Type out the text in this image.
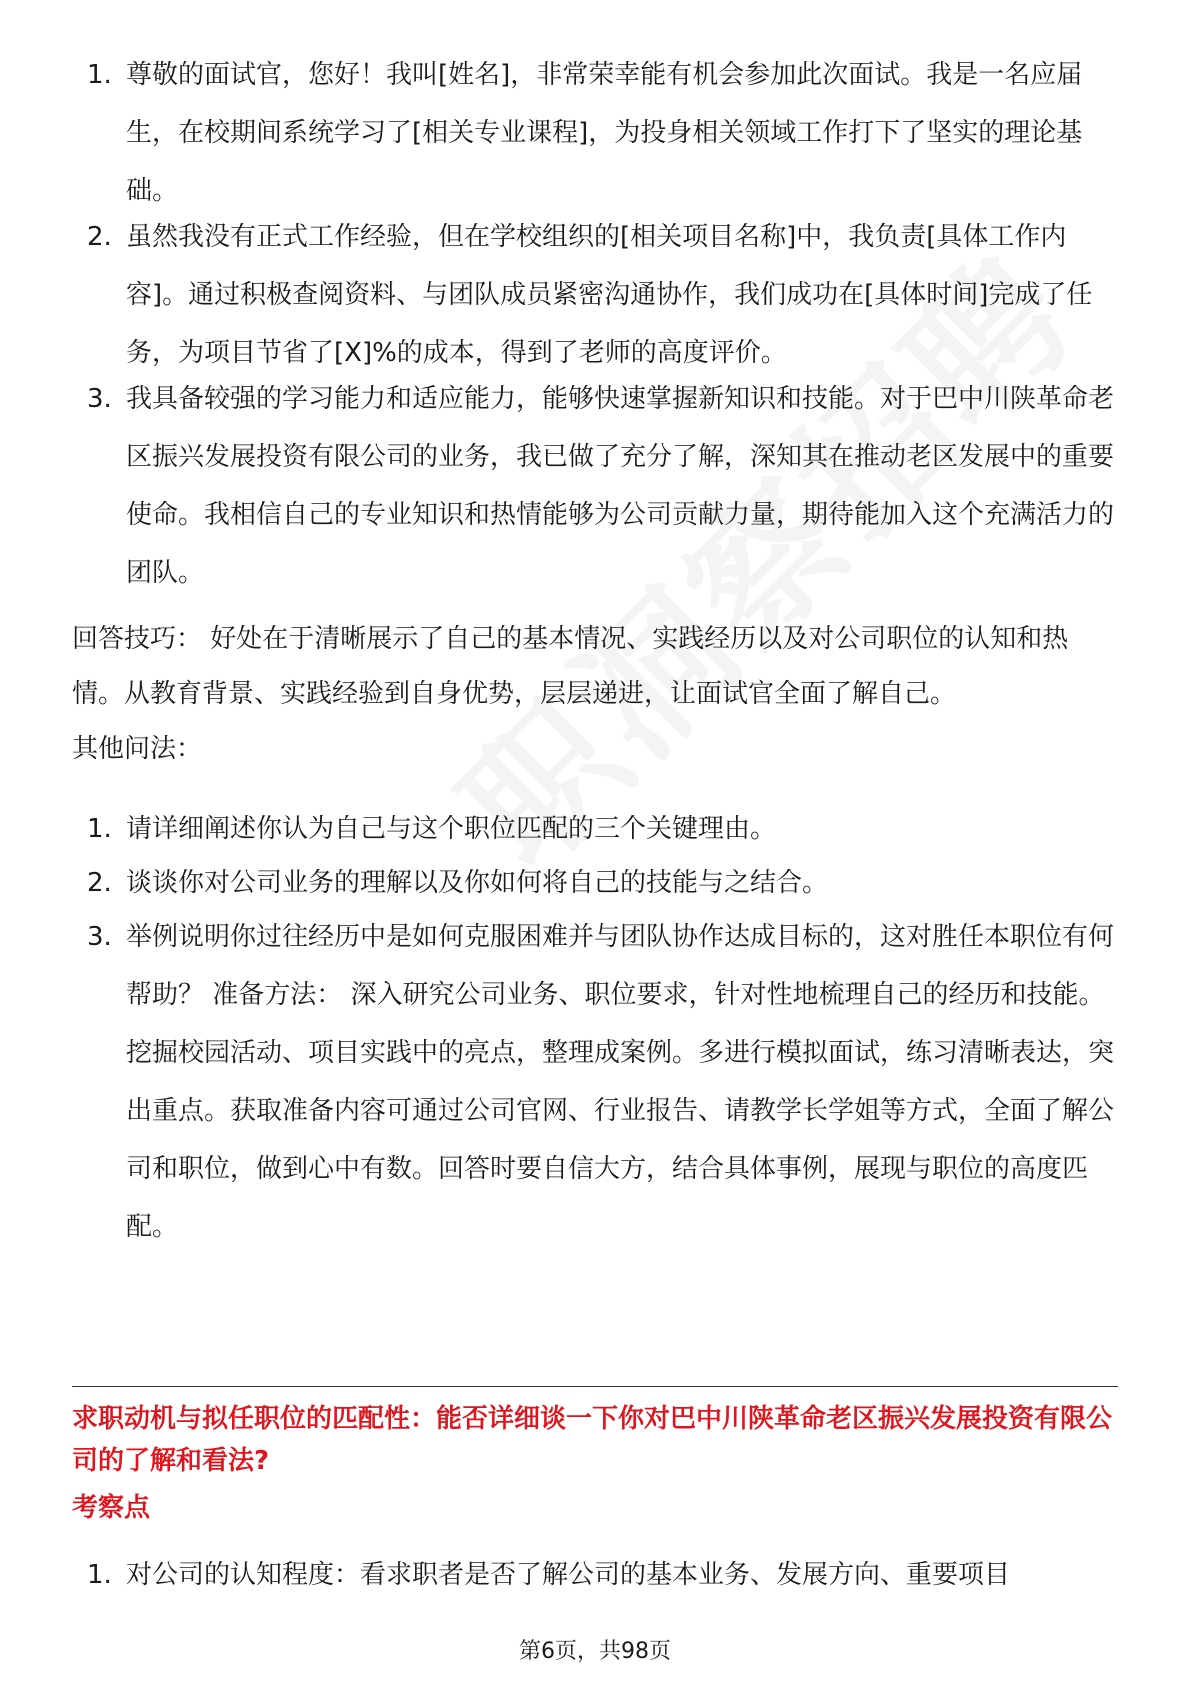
1. 尊敬的面试官，您好！我叫[姓名]，非常荣幸能有机会参加此次面试。我是一名应届生，在校期间系统学习了[相关专业课程]，为投身相关领域工作打下了坚实的理论基础。
2. 虽然我没有正式工作经验，但在学校组织的[相关项目名称]中，我负责[具体工作内容]。通过积极查阅资料、与团队成员紧密沟通协作，我们成功在[具体时间]完成了任务，为项目节省了[X]%的成本，得到了老师的高度评价。
3. 我具备较强的学习能力和适应能力，能够快速掌握新知识和技能。对于巴中川陕革命老区振兴发展投资有限公司的业务，我已做了充分了解，深知其在推动老区发展中的重要使命。我相信自己的专业知识和热情能够为公司贡献力量，期待能加入这个充满活力的团队。

回答技巧： 好处在于清晰展示了自己的基本情况、实践经历以及对公司职位的认知和热情。从教育背景、实践经验到自身优势，层层递进，让面试官全面了解自己。

其他问法：

1. 请详细阐述你认为自己与这个职位匹配的三个关键理由。
2. 谈谈你对公司业务的理解以及你如何将自己的技能与之结合。
3. 举例说明你过往经历中是如何克服困难并与团队协作达成目标的，这对胜任本职位有何帮助？ 准备方法： 深入研究公司业务、职位要求，针对性地梳理自己的经历和技能。挖掘校园活动、项目实践中的亮点，整理成案例。多进行模拟面试，练习清晰表达，突出重点。获取准备内容可通过公司官网、行业报告、请教学长学姐等方式，全面了解公司和职位，做到心中有数。回答时要自信大方，结合具体事例，展现与职位的高度匹配。

求职动机与拟任职位的匹配性：能否详细谈一下你对巴中川陕革命老区振兴发展投资有限公司的了解和看法?

考察点

1. 对公司的认知程度：看求职者是否了解公司的基本业务、发展方向、重要项目
第6页，共98页
